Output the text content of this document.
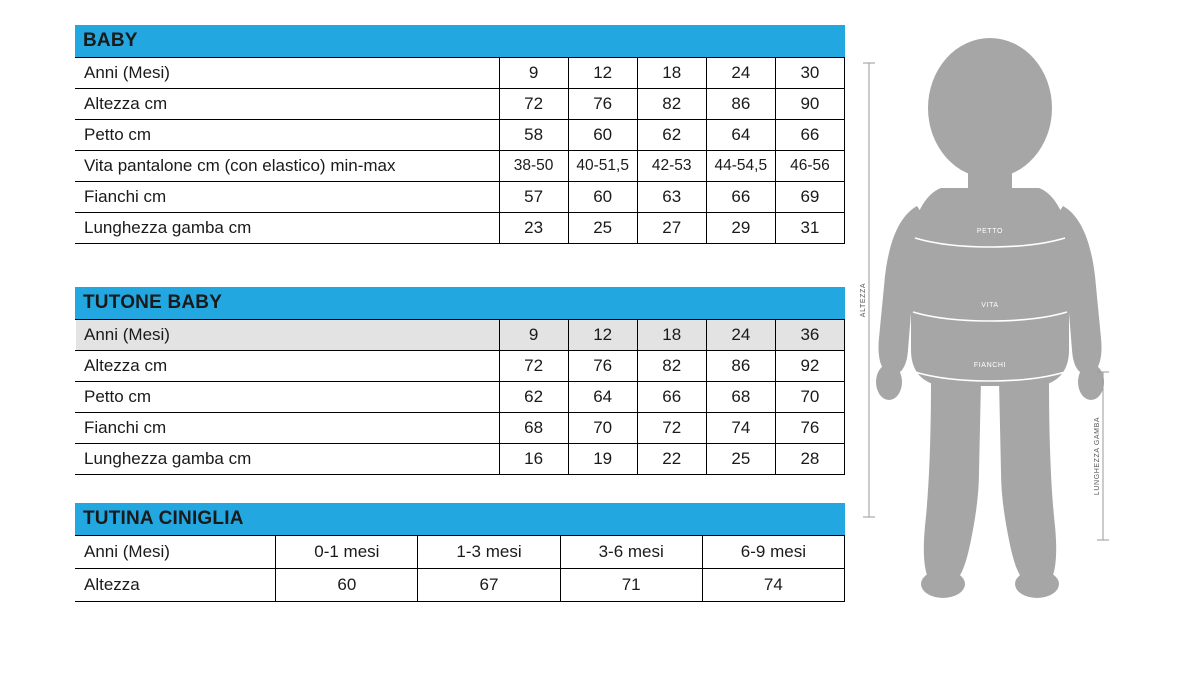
BABY
Anni (Mesi)	9	12	18	24	30
Altezza cm	72	76	82	86	90
Petto cm	58	60	62	64	66
Vita pantalone cm (con elastico) min-max	38-50	40-51,5	42-53	44-54,5	46-56
Fianchi cm	57	60	63	66	69
Lunghezza gamba cm	23	25	27	29	31
TUTONE BABY
Anni (Mesi)	9	12	18	24	36
Altezza cm	72	76	82	86	92
Petto cm	62	64	66	68	70
Fianchi cm	68	70	72	74	76
Lunghezza gamba cm	16	19	22	25	28
TUTINA CINIGLIA
Anni (Mesi)	0-1 mesi	1-3 mesi	3-6 mesi	6-9 mesi
Altezza	60	67	71	74
ALTEZZA
PETTO
VITA
FIANCHI
LUNGHEZZA GAMBA
